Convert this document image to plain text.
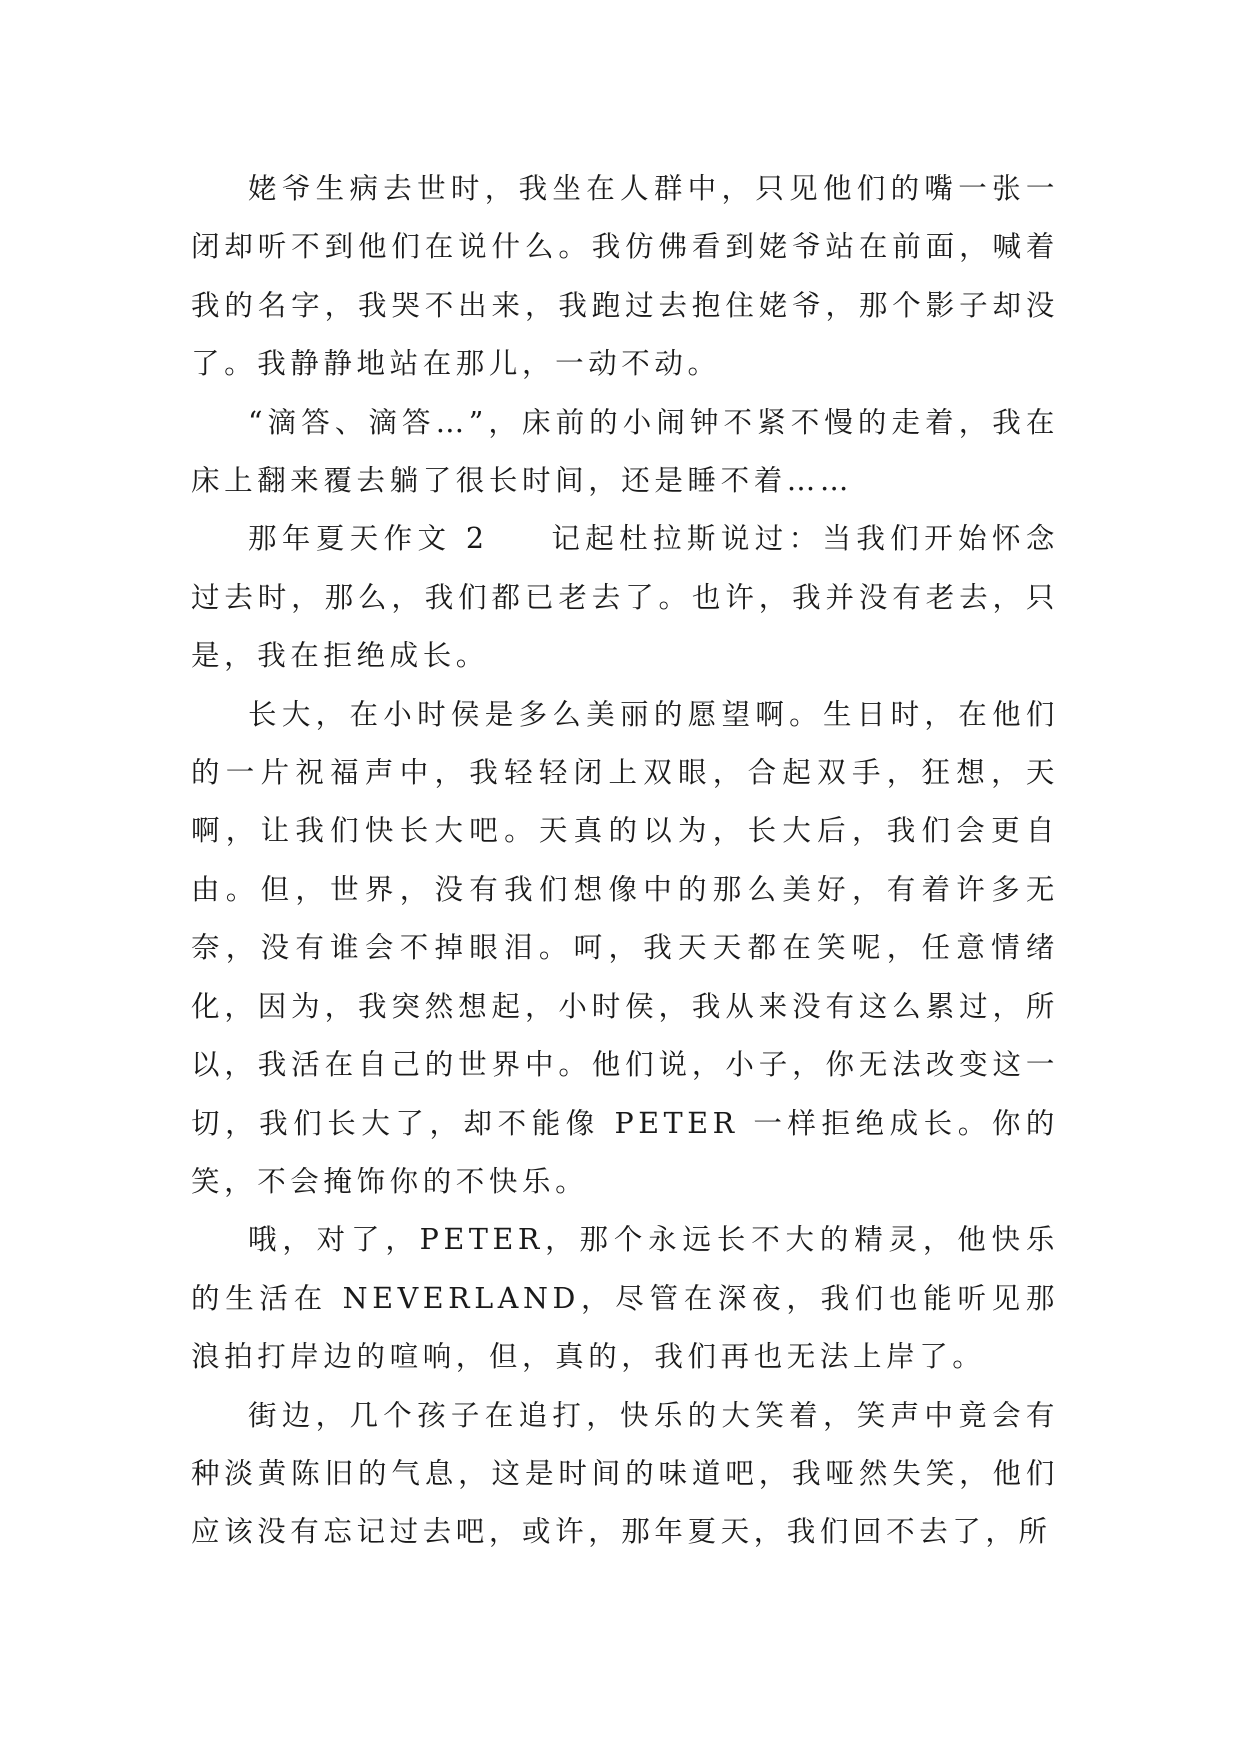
姥爷生病去世时，我坐在人群中，只见他们的嘴一张一闭却听不到他们在说什么。我仿佛看到姥爷站在前面，喊着我的名字，我哭不出来，我跑过去抱住姥爷，那个影子却没了。我静静地站在那儿，一动不动。

“滴答、滴答…”，床前的小闹钟不紧不慢的走着，我在床上翻来覆去躺了很长时间，还是睡不着……

那年夏天作文 2 记起杜拉斯说过：当我们开始怀念过去时，那么，我们都已老去了。也许，我并没有老去，只是，我在拒绝成长。

长大，在小时侯是多么美丽的愿望啊。生日时，在他们的一片祝福声中，我轻轻闭上双眼，合起双手，狂想，天啊，让我们快长大吧。天真的以为，长大后，我们会更自由。但，世界，没有我们想像中的那么美好，有着许多无奈，没有谁会不掉眼泪。呵，我天天都在笑呢，任意情绪化，因为，我突然想起，小时侯，我从来没有这么累过，所以，我活在自己的世界中。他们说，小子，你无法改变这一切，我们长大了，却不能像 PETER 一样拒绝成长。你的笑，不会掩饰你的不快乐。

哦，对了，PETER，那个永远长不大的精灵，他快乐的生活在 NEVERLAND，尽管在深夜，我们也能听见那浪拍打岸边的喧响，但，真的，我们再也无法上岸了。

街边，几个孩子在追打，快乐的大笑着，笑声中竟会有种淡黄陈旧的气息，这是时间的味道吧，我哑然失笑，他们应该没有忘记过去吧，或许，那年夏天，我们回不去了，所
